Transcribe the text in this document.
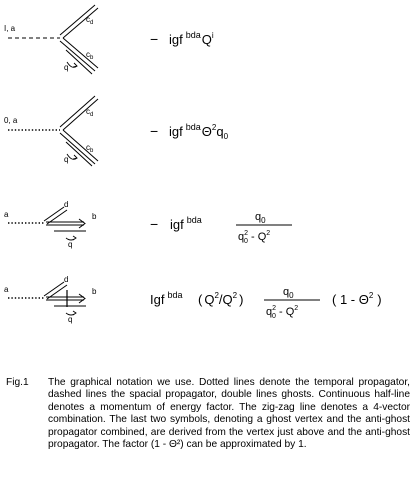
I, a
$c_d$
$c_b$
q
− igf $^{bda}Q^i$
0, a
$c_d$
$c_b$
q
− igf $^{bda}\Theta^2q_0$
a
d
b
q
− igf $^{bda}$	$q_0$
$q^2$ $0 - Q^2$
a
d
b
q
Igf $^{bda}$ ( $Q^2/Q^2$ )	$q_0$
$q^2$ $0 - Q^2$
( $1 - \Theta^2$ )
Fig.1 The graphical notation we use. Dotted lines denote the temporal propagator, dashed lines the spacial propagator, double lines ghosts. Continuous half-line denotes a momentum of energy factor. The zig-zag line denotes a 4-vector combination. The last two symbols, denoting a ghost vertex and the anti-ghost propagator combined, are derived from the vertex just above and the anti-ghost propagator. The factor (1 - Θ²) can be approximated by 1.
